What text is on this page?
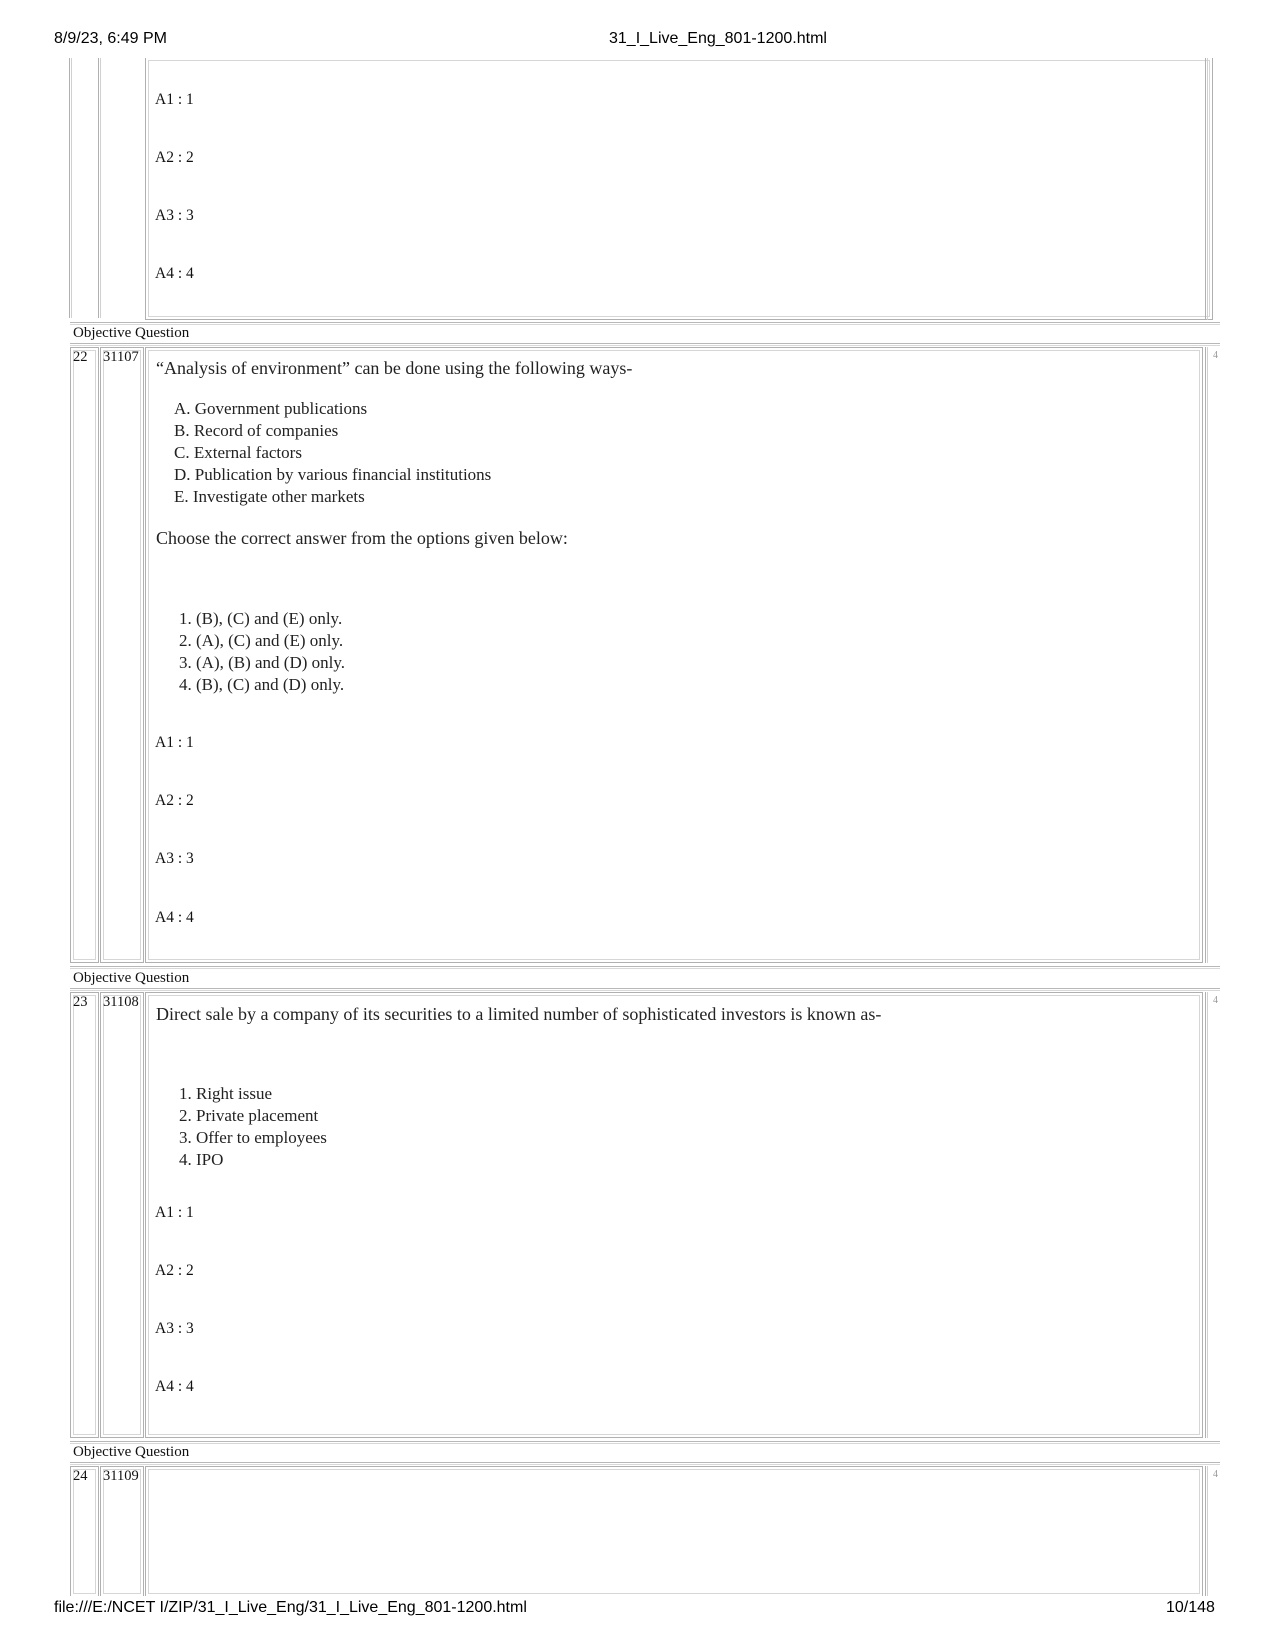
8/9/23, 6:49 PM	31_I_Live_Eng_801-1200.html
A1 : 1
A2 : 2
A3 : 3
A4 : 4
Objective Question
4
22 31107
“Analysis of environment” can be done using the following ways-
A. Government publications
B. Record of companies
C. External factors
D. Publication by various financial institutions
E. Investigate other markets
Choose the correct answer from the options given below:
1. (B), (C) and (E) only.
2. (A), (C) and (E) only.
3. (A), (B) and (D) only.
4. (B), (C) and (D) only.
A1 : 1
A2 : 2
A3 : 3
A4 : 4
Objective Question
4
23 31108
Direct sale by a company of its securities to a limited number of sophisticated investors is known as-
1. Right issue
2. Private placement
3. Offer to employees
4. IPO
A1 : 1
A2 : 2
A3 : 3
A4 : 4
Objective Question
4
24 31109
file:///E:/NCET I/ZIP/31_I_Live_Eng/31_I_Live_Eng_801-1200.html	10/148
